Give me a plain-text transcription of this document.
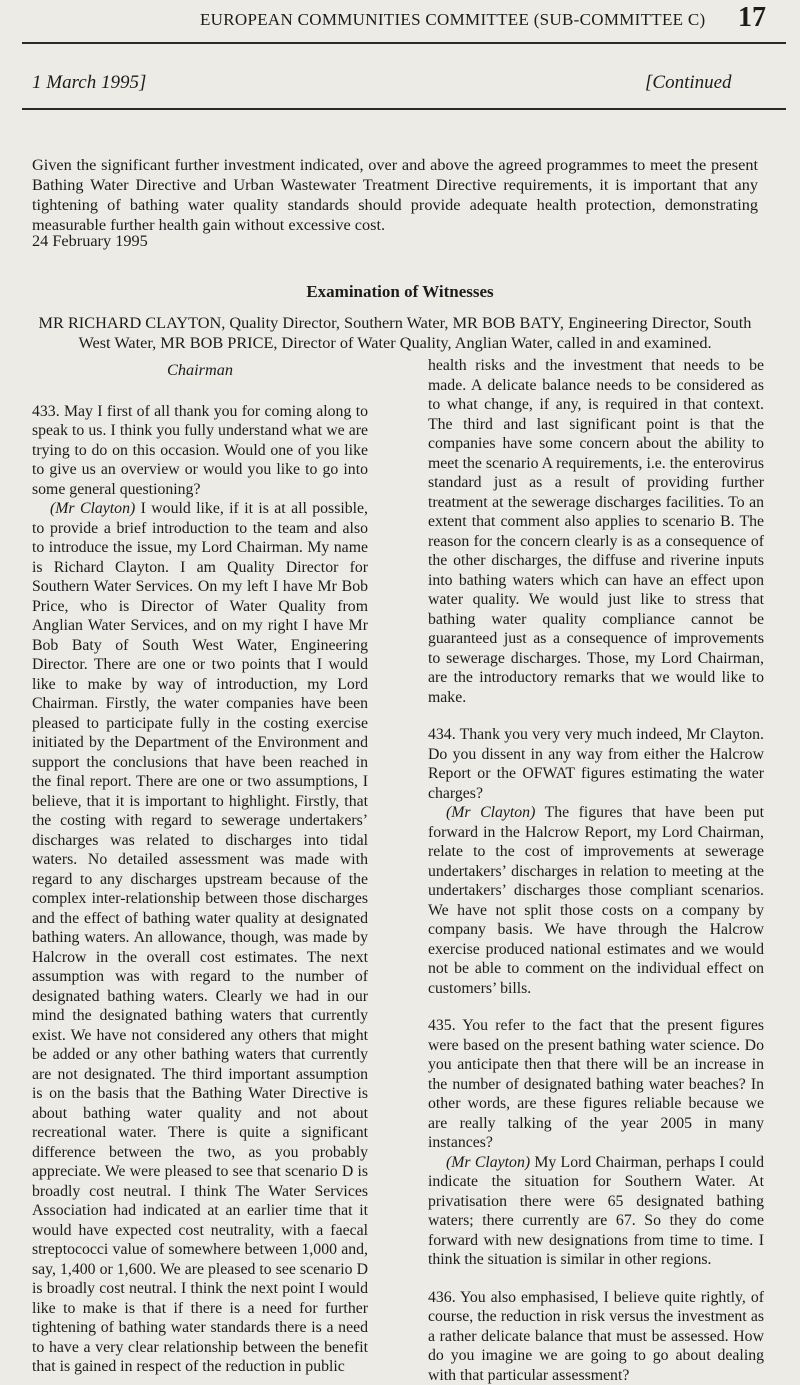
EUROPEAN COMMUNITIES COMMITTEE (SUB-COMMITTEE C) 17
1 March 1995]	[Continued
Given the significant further investment indicated, over and above the agreed programmes to meet the present Bathing Water Directive and Urban Wastewater Treatment Directive requirements, it is important that any tightening of bathing water quality standards should provide adequate health protection, demonstrating measurable further health gain without excessive cost.
24 February 1995
Examination of Witnesses
MR RICHARD CLAYTON, Quality Director, Southern Water, MR BOB BATY, Engineering Director, South West Water, MR BOB PRICE, Director of Water Quality, Anglian Water, called in and examined.

Chairman

433. May I first of all thank you for coming along to speak to us. I think you fully understand what we are trying to do on this occasion. Would one of you like to give us an overview or would you like to go into some general questioning?

(Mr Clayton) I would like, if it is at all possible, to provide a brief introduction to the team and also to introduce the issue, my Lord Chairman. My name is Richard Clayton. I am Quality Director for Southern Water Services. On my left I have Mr Bob Price, who is Director of Water Quality from Anglian Water Services, and on my right I have Mr Bob Baty of South West Water, Engineering Director. There are one or two points that I would like to make by way of introduction, my Lord Chairman. Firstly, the water companies have been pleased to participate fully in the costing exercise initiated by the Department of the Environment and support the conclusions that have been reached in the final report. There are one or two assumptions, I believe, that it is important to highlight. Firstly, that the costing with regard to sewerage undertakers’ discharges was related to discharges into tidal waters. No detailed assessment was made with regard to any discharges upstream because of the complex inter-relationship between those discharges and the effect of bathing water quality at designated bathing waters. An allowance, though, was made by Halcrow in the overall cost estimates. The next assumption was with regard to the number of designated bathing waters. Clearly we had in our mind the designated bathing waters that currently exist. We have not considered any others that might be added or any other bathing waters that currently are not designated. The third important assumption is on the basis that the Bathing Water Directive is about bathing water quality and not about recreational water. There is quite a significant difference between the two, as you probably appreciate. We were pleased to see that scenario D is broadly cost neutral. I think The Water Services Association had indicated at an earlier time that it would have expected cost neutrality, with a faecal streptococci value of somewhere between 1,000 and, say, 1,400 or 1,600. We are pleased to see scenario D is broadly cost neutral. I think the next point I would like to make is that if there is a need for further tightening of bathing water standards there is a need to have a very clear relationship between the benefit that is gained in respect of the reduction in public

health risks and the investment that needs to be made. A delicate balance needs to be considered as to what change, if any, is required in that context. The third and last significant point is that the companies have some concern about the ability to meet the scenario A requirements, i.e. the enterovirus standard just as a result of providing further treatment at the sewerage discharges facilities. To an extent that comment also applies to scenario B. The reason for the concern clearly is as a consequence of the other discharges, the diffuse and riverine inputs into bathing waters which can have an effect upon water quality. We would just like to stress that bathing water quality compliance cannot be guaranteed just as a consequence of improvements to sewerage discharges. Those, my Lord Chairman, are the introductory remarks that we would like to make.

434. Thank you very very much indeed, Mr Clayton. Do you dissent in any way from either the Halcrow Report or the OFWAT figures estimating the water charges?

(Mr Clayton) The figures that have been put forward in the Halcrow Report, my Lord Chairman, relate to the cost of improvements at sewerage undertakers’ discharges in relation to meeting at the undertakers’ discharges those compliant scenarios. We have not split those costs on a company by company basis. We have through the Halcrow exercise produced national estimates and we would not be able to comment on the individual effect on customers’ bills.

435. You refer to the fact that the present figures were based on the present bathing water science. Do you anticipate then that there will be an increase in the number of designated bathing water beaches? In other words, are these figures reliable because we are really talking of the year 2005 in many instances?

(Mr Clayton) My Lord Chairman, perhaps I could indicate the situation for Southern Water. At privatisation there were 65 designated bathing waters; there currently are 67. So they do come forward with new designations from time to time. I think the situation is similar in other regions.

436. You also emphasised, I believe quite rightly, of course, the reduction in risk versus the investment as a rather delicate balance that must be assessed. How do you imagine we are going to go about dealing with that particular assessment?
